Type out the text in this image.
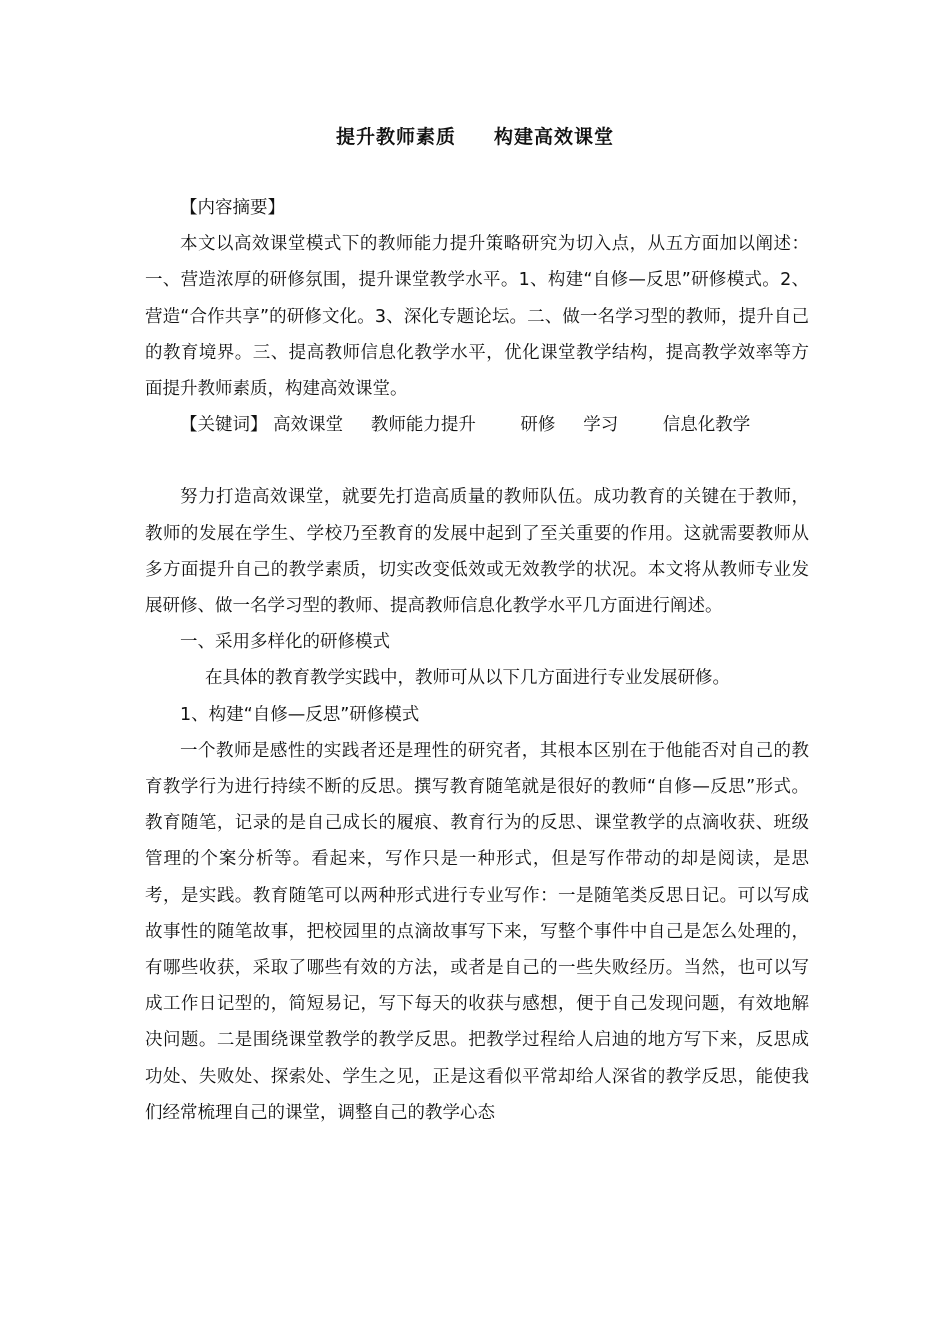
提升教师素质     构建高效课堂

【内容摘要】

本文以高效课堂模式下的教师能力提升策略研究为切入点，从五方面加以阐述：一、营造浓厚的研修氛围，提升课堂教学水平。1、构建“自修—反思”研修模式。2、营造“合作共享”的研修文化。3、深化专题论坛。二、做一名学习型的教师，提升自己的教育境界。三、提高教师信息化教学水平，优化课堂教学结构，提高教学效率等方面提升教师素质，构建高效课堂。

【关键词】 高效课堂 教师能力提升	研修 学习	信息化教学

努力打造高效课堂，就要先打造高质量的教师队伍。成功教育的关键在于教师，教师的发展在学生、学校乃至教育的发展中起到了至关重要的作用。这就需要教师从多方面提升自己的教学素质，切实改变低效或无效教学的状况。本文将从教师专业发展研修、做一名学习型的教师、提高教师信息化教学水平几方面进行阐述。

一、采用多样化的研修模式

在具体的教育教学实践中，教师可从以下几方面进行专业发展研修。

1、构建“自修—反思”研修模式

一个教师是感性的实践者还是理性的研究者，其根本区别在于他能否对自己的教育教学行为进行持续不断的反思。撰写教育随笔就是很好的教师“自修—反思”形式。教育随笔，记录的是自己成长的履痕、教育行为的反思、课堂教学的点滴收获、班级管理的个案分析等。看起来，写作只是一种形式，但是写作带动的却是阅读，是思考，是实践。教育随笔可以两种形式进行专业写作：一是随笔类反思日记。可以写成故事性的随笔故事，把校园里的点滴故事写下来，写整个事件中自己是怎么处理的，有哪些收获，采取了哪些有效的方法，或者是自己的一些失败经历。当然，也可以写成工作日记型的，简短易记，写下每天的收获与感想，便于自己发现问题，有效地解决问题。二是围绕课堂教学的教学反思。把教学过程给人启迪的地方写下来，反思成功处、失败处、探索处、学生之见，正是这看似平常却给人深省的教学反思，能使我们经常梳理自己的课堂，调整自己的教学心态
